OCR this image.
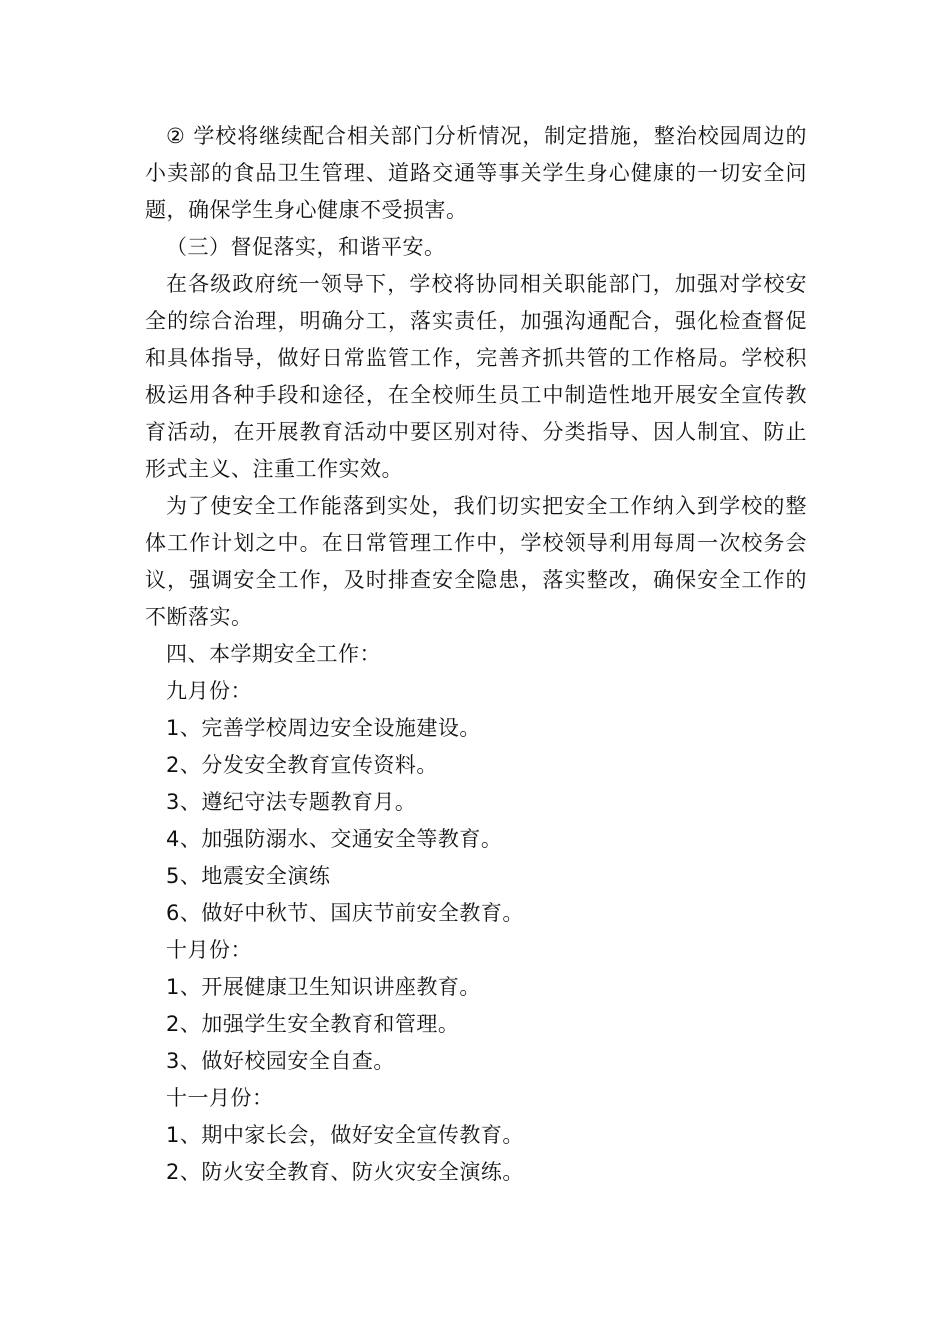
② 学校将继续配合相关部门分析情况，制定措施，整治校园周边的小卖部的食品卫生管理、道路交通等事关学生身心健康的一切安全问题，确保学生身心健康不受损害。

（三）督促落实，和谐平安。

在各级政府统一领导下，学校将协同相关职能部门，加强对学校安全的综合治理，明确分工，落实责任，加强沟通配合，强化检查督促和具体指导，做好日常监管工作，完善齐抓共管的工作格局。学校积极运用各种手段和途径，在全校师生员工中制造性地开展安全宣传教育活动，在开展教育活动中要区别对待、分类指导、因人制宜、防止形式主义、注重工作实效。

为了使安全工作能落到实处，我们切实把安全工作纳入到学校的整体工作计划之中。在日常管理工作中，学校领导利用每周一次校务会议，强调安全工作，及时排查安全隐患，落实整改，确保安全工作的不断落实。

四、本学期安全工作：

九月份：

1、完善学校周边安全设施建设。

2、分发安全教育宣传资料。

3、遵纪守法专题教育月。

4、加强防溺水、交通安全等教育。

5、地震安全演练

6、做好中秋节、国庆节前安全教育。

十月份：

1、开展健康卫生知识讲座教育。

2、加强学生安全教育和管理。

3、做好校园安全自查。

十一月份：

1、期中家长会，做好安全宣传教育。

2、防火安全教育、防火灾安全演练。
